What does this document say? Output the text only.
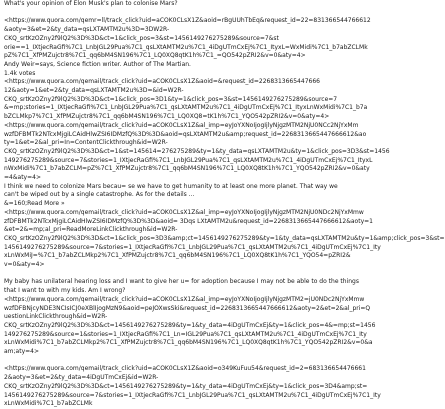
What's your opinion of Elon Musk's plan to colonise Mars?
<https://www.quora.com/qemr=ll/track_click?uid=aCOK0CLsX1Z&aoid=rBgUUhTbEq&request_id=22=831366544766612
&aoty=3&et=2&ty_data=qsLXTAMTM2u%3D=3DW2R-
CKQ_srtKzOZny2f9lQ2%3D%3D&ct=1&click_pos=3&st=1456149276275289&source=7&st
orie==1_IXtjecRaGfi%7C1_LnbJGL29Pua%7C1_qsLXtAMTM2u%7C1_4iDgUTmCxEj%7C1_ItyxL=WxMidi%7C1_b7abZCLMk
pZ%7C1_XfPMZujctr8%7C1_qq6bM4SN196%7C1_LQ0XQ8qtK1h%7C1_=QO542pZRI2&v=0&aty=4>
Andy Weir=says, Science fiction writer. Author of The Martian.
1.4k votes
<https://www.quora.com/qemail/track_click?uid=aCOK0CLsX1Z&aoid=&request_id=2268313665447666
12&aoty=1&et=2&ty_data=qsLXTAMTM2u%3D=&id=W2R-
CKQ_srtKzOZny2f9lQ2%3D%3D&ct=1&click_pos=3D1&ty=1&click_pos=3&st=1456149276275289&source=7
&=mp;stories=1_IXtjecRaGfi%7C1_LnbJGL29Pua%7C1_qsLXtAMTM2u%7C1_4iDgUTmCxEj%7C1_ItyxLnWxMidi%7C1_b7a
bZCLMkp7%7C1_XfPMZujctr8%7C1_qq6bM4SN196%7C1_LQ0XQ8=tK1h%7C1_YQO542pZRI2&v=0&aty=4>
<https://www.quora.com/qemail/track_click?uid=aCOK0CLsX1Z&al_imp=eyJoYXNoIjogIjlyNjgzMTM2NjU0NCc2NjYxMm
wzfDFBMTk2NTcxMjgiLCAidHlwZSI6IDMzfQ%3D%3D&aoid=qsLXtAMTM2u&amp;request_id=2268313665447666612&ao
ty=1&et=2&al_pri=In=ContentClickthrough&id=W2R-
CKQ_srtKzOZny2f9lQ2%3D%3D&ct=1&st=145614=276275289&ty=1&ty_data=qsLXTAMTM2u&ty=1&click_pos=3D3&st=1456
149276275289&source=7&stories=1_IXtjecRaGfi%7C1_LnbJGL29Pua%7C1_qsLXtAMTM2u%7C1_4iDgUTmCxEj%7C1_ItyxL
nWxMidi%7C1_b7abZCLM=pZ%7C1_XfPMZujctr8%7C1_qq6bM4SN196%7C1_LQ0XQ8tK1h%7C1_YQO542pZRI2&v=0&aty
=4&aty=4>
I think we need to colonize Mars becau= se we have to get humanity to at least one more planet. That way we
can't be wiped out by a single catastrophe. As for the details ...
&=160;Read More »
<https://www.quora.com/qemail/track_click?uid=aCOK0CLsX1Z&al_imp=eyJoYXNoIjogIjlyNjgzMTM2NjU0NDc2NjYxMmw
zfDFBMTk2NTcxMjgiLCAidHlwZSI6IDMzfQ%3D%3D&aoid= 3Dqs LXtAMTM2u&request_id=2268313665447666612&aoty=1
&et=2&=mp;al_pri=ReadMoreLinkClickthrough&id=W2R-
CKQ_srtKzOZny2f9lQ2%3D%3D&ct=1&click_pos=3D3&amp;ct=1456149276275289&ty=1&ty_data=qsLXTAMTM2u&ty=1&amp;click_pos=3&st=
1456149276275289&source=7&stories=1_IXtjecRaGfi%7C1_LnbJGL29Pua%7C1_qsLXtAMTM2u%7C1_4iDgUTmCxEj%7C1_Ity
xLnWxMiJ=%7C1_b7abZCLMkp2%7C1_XfPMZujctr8%7C1_qq6bM4SN196%7C1_LQ0XQ8tK1h%7C1_YQO54=pZRI2&
v=0&aty=4>
My baby has unilateral hearing loss and I want to give her u= for adoption because I may not be able to do the things
that I want to with my kids. Am I wrong?
<https://www.quora.com/qemail/track_click?uid=aCOK0CLsX1Z&al_imp=eyJoYXNoIjogIjlyNjgzMTM2=jU0NDc2NjYxMmw
wzfDFBNjcyNDE3NCIsICJ0eXBlIjogMzN9&aoid=peJOXwsSki&request_id=2268313665447666612&aoty=2&et=2&al_pri=Q
uestionLinkClickthrough&id=W2R-
CKQ_srtKzOZny2f9lQ2%3D%3D&ct=1456149276275289&ty=1&ty_data=4iDgUTmCxEj&ty=1&click_pos=4&=mp;st=1456
149276275289&source=1&stories=1_IXtjecRaGfi%7C1_Ln=IGL29Pua%7C1_qsLXtAMTM2u%7C1_4iDgUTmCxEj%7C1_Ity
xLnWxMidi%7C1_b7abZCLMkp2%7C1_XfPMZujctr8%7C1_qq6bM4SN196%7C1_LQ0XQ8qtK1h%7C1_YQO542pZRI2&v=0&a
am;aty=4>
<https://www.quora.com/qemail/track_click?uid=aCOK0CLsX1Z&aoid=o349KuFuu54&request_id=2=683136654476661
2&aoty=3&et=2&ty_data=4iDgUTmCxEj&id=W2R-
CKQ_srtKzOZny2f9lQ2%3D%3D&ct=1456149276275289&ty=1&ty_data=4iDgUTmCxEj&ty=1&click_pos=3D4&amp;st=
1456149276275289&source=7&stories=1_IXtjecRaGfi%7C1_LnbJGL29Pua%7C1_qsLXtAMTM2u%7C1_4iDgUTmCxEj%7C1_Ity
xLnWxMidi%7C1_b7abZCLMk
